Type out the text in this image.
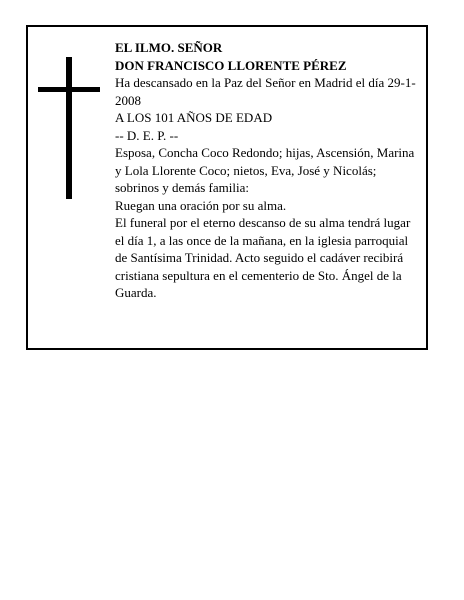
EL ILMO. SEÑOR
DON FRANCISCO LLORENTE PÉREZ
Ha descansado en la Paz del Señor en Madrid el día 29-1-2008
A LOS 101 AÑOS DE EDAD
-- D. E. P. --
Esposa, Concha Coco Redondo; hijas, Ascensión, Marina y Lola Llorente Coco; nietos, Eva, José y Nicolás; sobrinos y demás familia:
Ruegan una oración por su alma.
El funeral por el eterno descanso de su alma tendrá lugar el día 1, a las once de la mañana, en la iglesia parroquial de Santísima Trinidad. Acto seguido el cadáver recibirá cristiana sepultura en el cementerio de Sto. Ángel de la Guarda.
